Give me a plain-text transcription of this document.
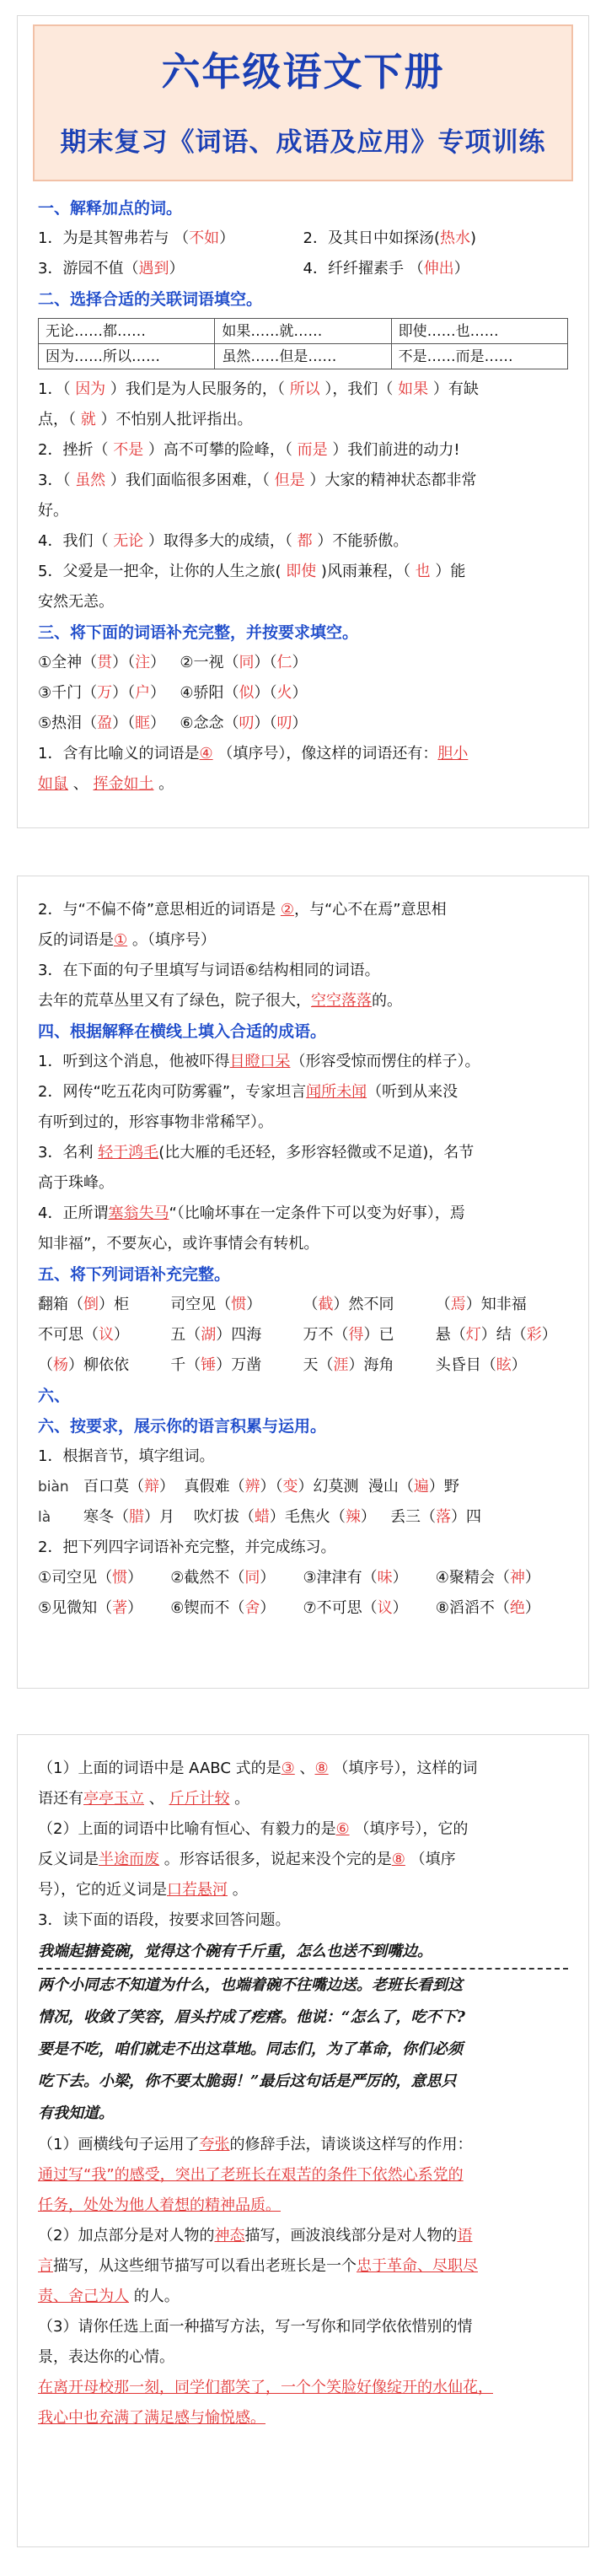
六年级语文下册
期末复习《词语、成语及应用》专项训练
一、解释加点的词。
1．为是其智弗若与 （不如）	2．及其日中如探汤(热水)
3．游园不值（遇到）	4．纤纤擢素手 （伸出）
二、选择合适的关联词语填空。
无论……都……	如果……就……	即使……也……
因为……所以……	虽然……但是……	不是……而是……
1．（ 因为 ）我们是为人民服务的，（ 所以 ），我们（ 如果 ）有缺
点，（ 就 ）不怕别人批评指出。
2．挫折（ 不是 ）高不可攀的险峰，（ 而是 ）我们前进的动力!
3．（ 虽然 ）我们面临很多困难，（ 但是 ）大家的精神状态都非常
好。
4．我们（ 无论 ）取得多大的成绩，（ 都 ）不能骄傲。
5．父爱是一把伞，让你的人生之旅( 即使 )风雨兼程，（ 也 ）能
安然无恙。
三、将下面的词语补充完整，并按要求填空。
①全神（贯）（注） ②一视（同）（仁）
③千门（万）（户） ④骄阳（似）（火）
⑤热泪（盈）（眶） ⑥念念（叨）（叨）
1．含有比喻义的词语是④ （填序号），像这样的词语还有：胆小
如鼠 、 挥金如土 。
2．与“不偏不倚”意思相近的词语是 ②，与“心不在焉”意思相
反的词语是① 。（填序号）
3．在下面的句子里填写与词语⑥结构相同的词语。
去年的荒草丛里又有了绿色，院子很大，空空落落的。
四、根据解释在横线上填入合适的成语。
1．听到这个消息，他被吓得目瞪口呆（形容受惊而愣住的样子）。
2．网传“吃五花肉可防雾霾”，专家坦言闻所未闻（听到从来没
有听到过的，形容事物非常稀罕）。
3．名利 轻于鸿毛(比大雁的毛还轻，多形容轻微或不足道)，名节
高于珠峰。
4．正所谓塞翁失马“（比喻坏事在一定条件下可以变为好事），焉
知非福”，不要灰心，或许事情会有转机。
五、将下列词语补充完整。
翻箱（倒）柜	司空见（惯）	（截）然不同	（焉）知非福
不可思（议）	五（湖）四海	万不（得）已	悬（灯）结（彩）
（杨）柳依依	千（锤）万凿	天（涯）海角	头昏目（眩）
六、
六、按要求，展示你的语言积累与运用。
1．根据音节，填字组词。
biàn 百口莫（辩） 真假难（辨）（变）幻莫测 漫山（遍）野
là 寒冬（腊）月 吹灯拔（蜡）毛焦火（辣） 丢三（落）四
2．把下列四字词语补充完整，并完成练习。
①司空见（惯）	②截然不（同）	③津津有（味）	④聚精会（神）
⑤见微知（著）	⑥锲而不（舍）	⑦不可思（议）	⑧滔滔不（绝）
（1）上面的词语中是 AABC 式的是③ 、⑧ （填序号），这样的词
语还有亭亭玉立 、 斤斤计较 。
（2）上面的词语中比喻有恒心、有毅力的是⑥ （填序号），它的
反义词是半途而废 。形容话很多，说起来没个完的是⑧ （填序
号），它的近义词是口若悬河 。
3．读下面的语段，按要求回答问题。
我端起搪瓷碗，觉得这个碗有千斤重，怎么也送不到嘴边。
两个小同志不知道为什么，也端着碗不往嘴边送。老班长看到这
情况，收敛了笑容，眉头拧成了疙瘩。他说：“怎么了，吃不下?
要是不吃，咱们就走不出这草地。同志们，为了革命，你们必须
吃下去。小梁，你不要太脆弱！”最后这句话是严厉的，意思只
有我知道。
（1）画横线句子运用了夸张的修辞手法，请谈谈这样写的作用：
通过写“我”的感受，突出了老班长在艰苦的条件下依然心系党的
任务，处处为他人着想的精神品质。
（2）加点部分是对人物的神态描写，画波浪线部分是对人物的语
言描写，从这些细节描写可以看出老班长是一个忠于革命、尽职尽
责、舍己为人 的人。
（3）请你任选上面一种描写方法，写一写你和同学依依惜别的情
景，表达你的心情。
在离开母校那一刻，同学们都笑了，一个个笑脸好像绽开的水仙花，
我心中也充满了满足感与愉悦感。
